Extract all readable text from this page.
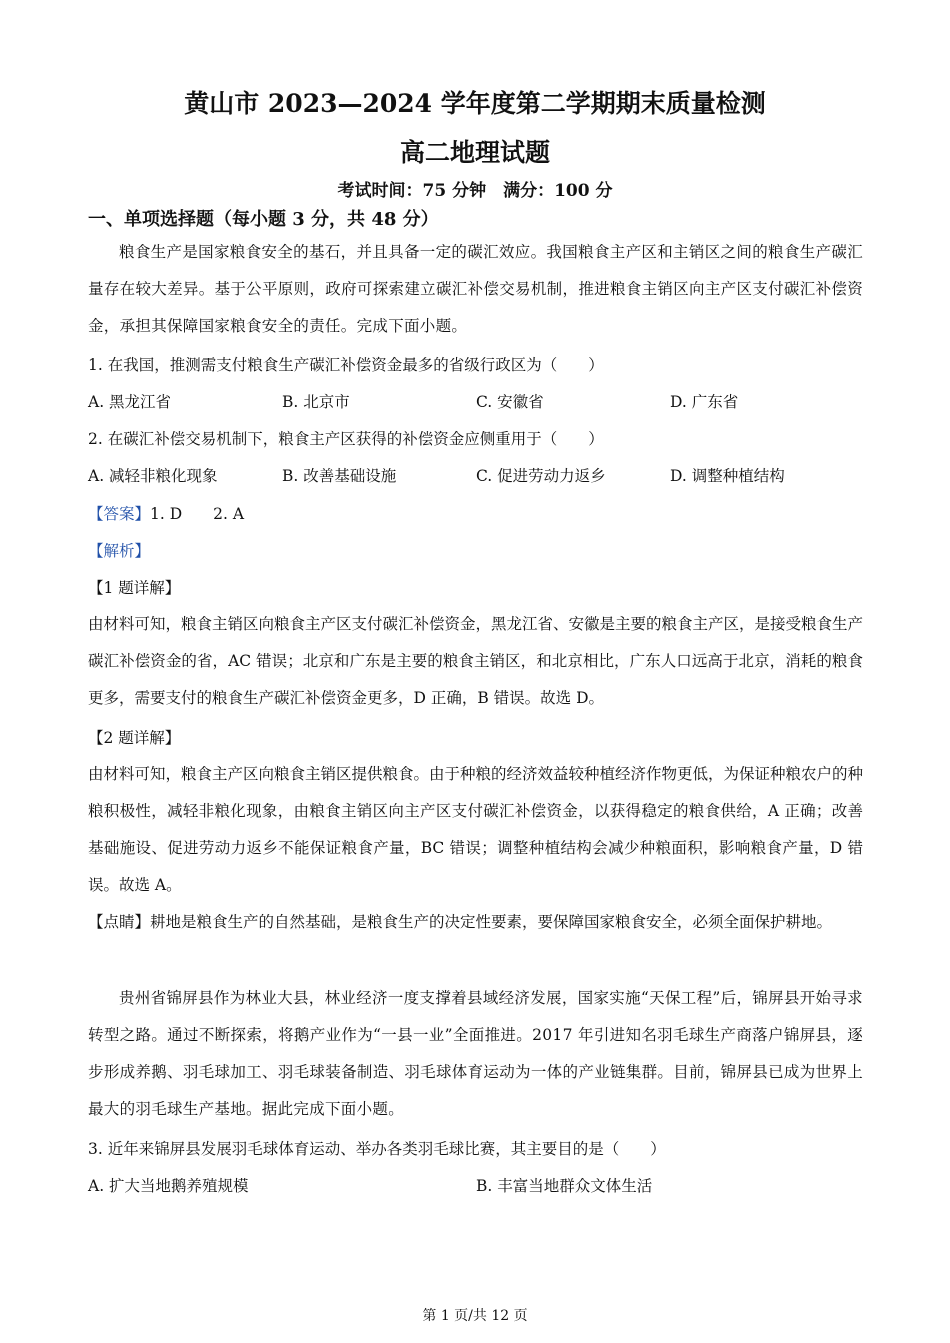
黄山市 2023—2024 学年度第二学期期末质量检测
高二地理试题
考试时间：75 分钟　满分：100 分
一、单项选择题（每小题 3 分，共 48 分）
粮食生产是国家粮食安全的基石，并且具备一定的碳汇效应。我国粮食主产区和主销区之间的粮食生产碳汇量存在较大差异。基于公平原则，政府可探索建立碳汇补偿交易机制，推进粮食主销区向主产区支付碳汇补偿资金，承担其保障国家粮食安全的责任。完成下面小题。
1. 在我国，推测需支付粮食生产碳汇补偿资金最多的省级行政区为（　　）
A. 黑龙江省	B. 北京市	C. 安徽省	D. 广东省
2. 在碳汇补偿交易机制下，粮食主产区获得的补偿资金应侧重用于（　　）
A. 减轻非粮化现象	B. 改善基础设施	C. 促进劳动力返乡	D. 调整种植结构
【答案】1. D　　2. A
【解析】
【1 题详解】
由材料可知，粮食主销区向粮食主产区支付碳汇补偿资金，黑龙江省、安徽是主要的粮食主产区，是接受粮食生产碳汇补偿资金的省，AC 错误；北京和广东是主要的粮食主销区，和北京相比，广东人口远高于北京，消耗的粮食更多，需要支付的粮食生产碳汇补偿资金更多，D 正确，B 错误。故选 D。
【2 题详解】
由材料可知，粮食主产区向粮食主销区提供粮食。由于种粮的经济效益较种植经济作物更低，为保证种粮农户的种粮积极性，减轻非粮化现象，由粮食主销区向主产区支付碳汇补偿资金，以获得稳定的粮食供给，A 正确；改善基础施设、促进劳动力返乡不能保证粮食产量，BC 错误；调整种植结构会减少种粮面积，影响粮食产量，D 错误。故选 A。
【点睛】耕地是粮食生产的自然基础，是粮食生产的决定性要素，要保障国家粮食安全，必须全面保护耕地。
贵州省锦屏县作为林业大县，林业经济一度支撑着县域经济发展，国家实施“天保工程”后，锦屏县开始寻求转型之路。通过不断探索，将鹅产业作为“一县一业”全面推进。2017 年引进知名羽毛球生产商落户锦屏县，逐步形成养鹅、羽毛球加工、羽毛球装备制造、羽毛球体育运动为一体的产业链集群。目前，锦屏县已成为世界上最大的羽毛球生产基地。据此完成下面小题。
3. 近年来锦屏县发展羽毛球体育运动、举办各类羽毛球比赛，其主要目的是（　　）
A. 扩大当地鹅养殖规模	B. 丰富当地群众文体生活
第 1 页/共 12 页
